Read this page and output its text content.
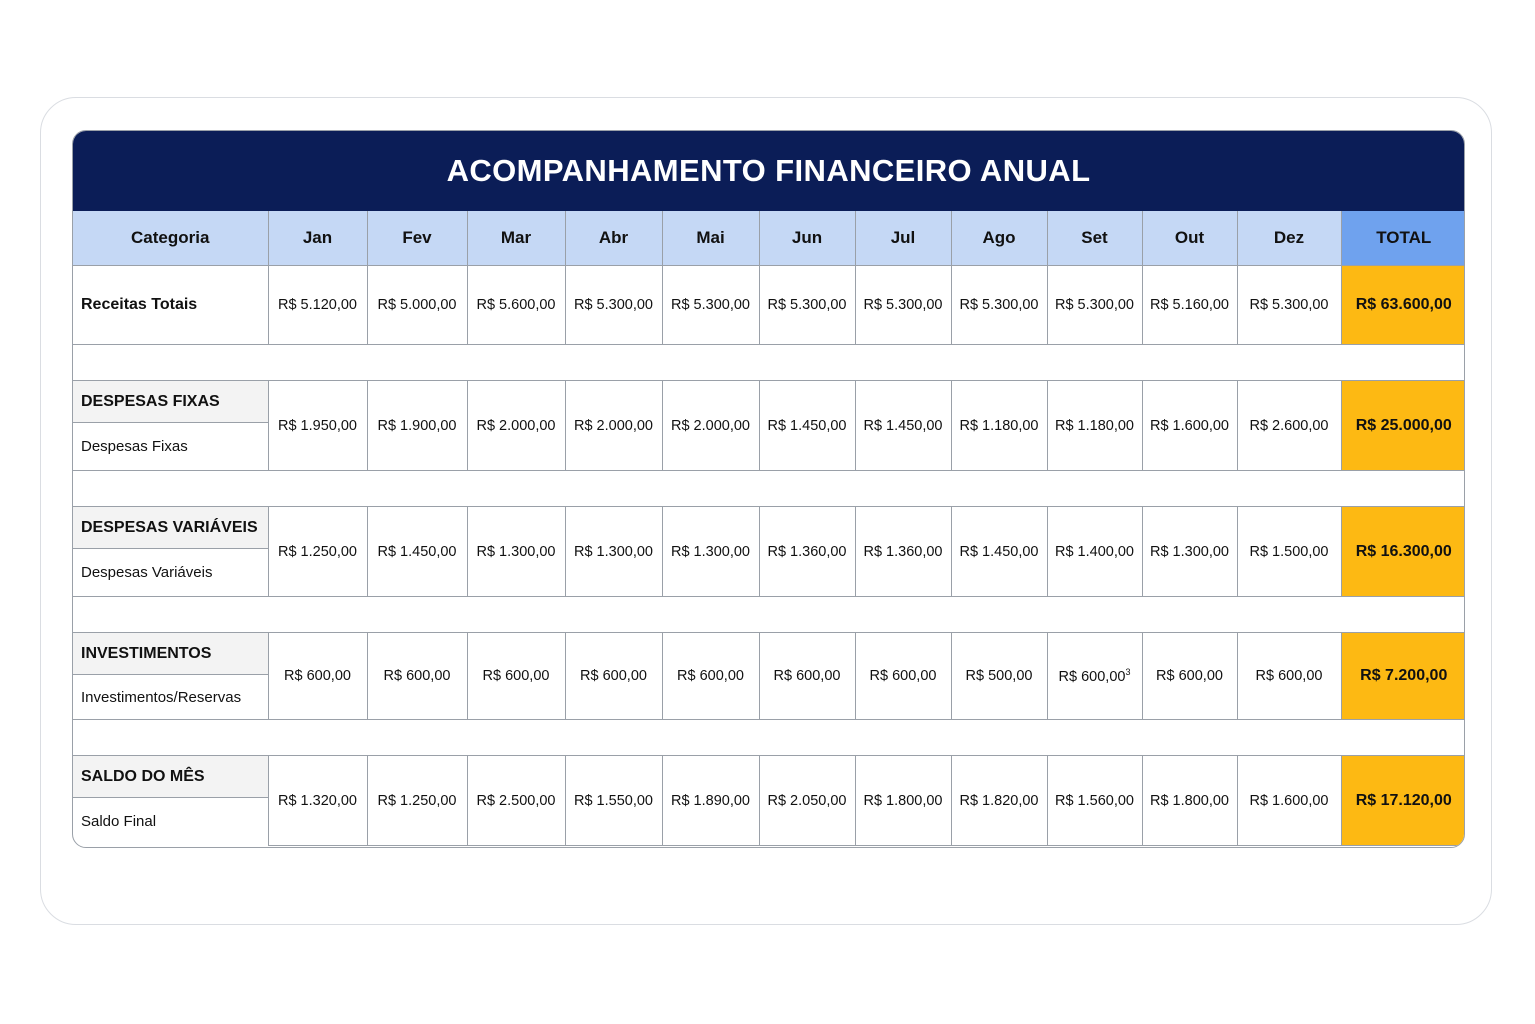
ACOMPANHAMENTO FINANCEIRO ANUAL
Categoria	Jan	Fev	Mar	Abr	Mai	Jun	Jul	Ago	Set	Out	Dez	TOTAL
Receitas Totais	R$ 5.120,00	R$ 5.000,00	R$ 5.600,00	R$ 5.300,00	R$ 5.300,00	R$ 5.300,00	R$ 5.300,00	R$ 5.300,00	R$ 5.300,00	R$ 5.160,00	R$ 5.300,00	R$ 63.600,00

DESPESAS FIXAS	R$ 1.950,00	R$ 1.900,00	R$ 2.000,00	R$ 2.000,00	R$ 2.000,00	R$ 1.450,00	R$ 1.450,00	R$ 1.180,00	R$ 1.180,00	R$ 1.600,00	R$ 2.600,00	R$ 25.000,00
Despesas Fixas												

DESPESAS VARIÁVEIS	R$ 1.250,00	R$ 1.450,00	R$ 1.300,00	R$ 1.300,00	R$ 1.300,00	R$ 1.360,00	R$ 1.360,00	R$ 1.450,00	R$ 1.400,00	R$ 1.300,00	R$ 1.500,00	R$ 16.300,00
Despesas Variáveis												

INVESTIMENTOS	R$ 600,00	R$ 600,00	R$ 600,00	R$ 600,00	R$ 600,00	R$ 600,00	R$ 600,00	R$ 500,00	R$ 600,00$^3$	R$ 600,00	R$ 600,00	R$ 7.200,00
Investimentos/Reservas												

SALDO DO MÊS	R$ 1.320,00	R$ 1.250,00	R$ 2.500,00	R$ 1.550,00	R$ 1.890,00	R$ 2.050,00	R$ 1.800,00	R$ 1.820,00	R$ 1.560,00	R$ 1.800,00	R$ 1.600,00	R$ 17.120,00
Saldo Final												
